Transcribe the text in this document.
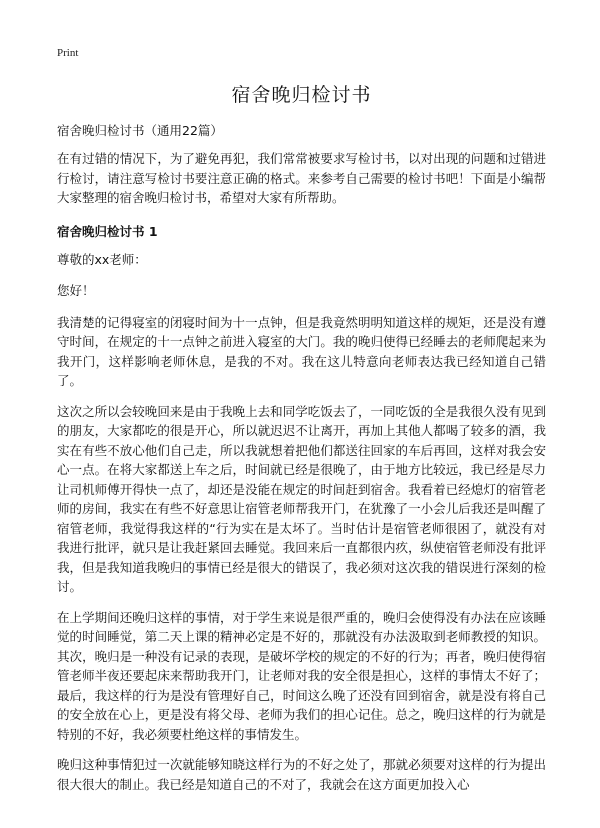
Print
宿舍晚归检讨书
宿舍晚归检讨书（通用22篇）

在有过错的情况下，为了避免再犯，我们常常被要求写检讨书，以对出现的问题和过错进行检讨，请注意写检讨书要注意正确的格式。来参考自己需要的检讨书吧！下面是小编帮大家整理的宿舍晚归检讨书，希望对大家有所帮助。

宿舍晚归检讨书 1

尊敬的xx老师：

您好！

我清楚的记得寝室的闭寝时间为十一点钟，但是我竟然明明知道这样的规矩，还是没有遵守时间，在规定的十一点钟之前进入寝室的大门。我的晚归使得已经睡去的老师爬起来为我开门，这样影响老师休息，是我的不对。我在这儿特意向老师表达我已经知道自己错了。

这次之所以会较晚回来是由于我晚上去和同学吃饭去了，一同吃饭的全是我很久没有见到的朋友，大家都吃的很是开心，所以就迟迟不让离开，再加上其他人都喝了较多的酒，我实在有些不放心他们自己走，所以我就想着把他们都送往回家的车后再回，这样对我会安心一点。在将大家都送上车之后，时间就已经是很晚了，由于地方比较远，我已经是尽力让司机师傅开得快一点了，却还是没能在规定的时间赶到宿舍。我看着已经熄灯的宿管老师的房间，我实在有些不好意思让宿管老师帮我开门，在犹豫了一小会儿后我还是叫醒了宿管老师，我觉得我这样的“行为实在是太坏了。当时估计是宿管老师很困了，就没有对我进行批评，就只是让我赶紧回去睡觉。我回来后一直都很内疚，纵使宿管老师没有批评我，但是我知道我晚归的事情已经是很大的错误了，我必须对这次我的错误进行深刻的检讨。

在上学期间还晚归这样的事情，对于学生来说是很严重的，晚归会使得没有办法在应该睡觉的时间睡觉，第二天上课的精神必定是不好的，那就没有办法汲取到老师教授的知识。其次，晚归是一种没有记录的表现，是破坏学校的规定的不好的行为；再者，晚归使得宿管老师半夜还要起床来帮助我开门，让老师对我的安全很是担心，这样的事情太不好了；最后，我这样的行为是没有管理好自己，时间这么晚了还没有回到宿舍，就是没有将自己的安全放在心上，更是没有将父母、老师为我们的担心记住。总之，晚归这样的行为就是特别的不好，我必须要杜绝这样的事情发生。

晚归这种事情犯过一次就能够知晓这样行为的不好之处了，那就必须要对这样的行为提出很大很大的制止。我已经是知道自己的不对了，我就会在这方面更加投入心
